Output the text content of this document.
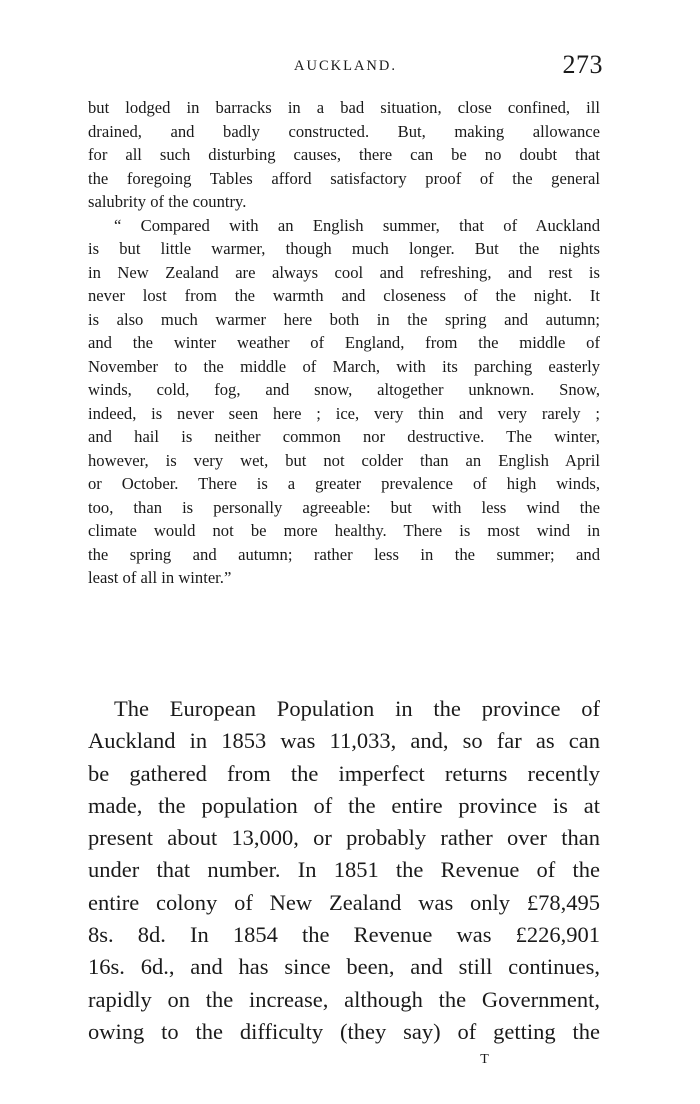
AUCKLAND.	273
but lodged in barracks in a bad situation, close confined, ill
drained, and badly constructed. But, making allowance
for all such disturbing causes, there can be no doubt that
the foregoing Tables afford satisfactory proof of the general
salubrity of the country.
“ Compared with an English summer, that of Auckland
is but little warmer, though much longer. But the nights
in New Zealand are always cool and refreshing, and rest is
never lost from the warmth and closeness of the night. It
is also much warmer here both in the spring and autumn;
and the winter weather of England, from the middle of
November to the middle of March, with its parching easterly
winds, cold, fog, and snow, altogether unknown. Snow,
indeed, is never seen here ; ice, very thin and very rarely ;
and hail is neither common nor destructive. The winter,
however, is very wet, but not colder than an English April
or October. There is a greater prevalence of high winds,
too, than is personally agreeable: but with less wind the
climate would not be more healthy. There is most wind in
the spring and autumn; rather less in the summer; and
least of all in winter.”
The European Population in the province of
Auckland in 1853 was 11,033, and, so far as can
be gathered from the imperfect returns recently
made, the population of the entire province is at
present about 13,000, or probably rather over than
under that number. In 1851 the Revenue of the
entire colony of New Zealand was only £78,495
8s. 8d. In 1854 the Revenue was £226,901
16s. 6d., and has since been, and still continues,
rapidly on the increase, although the Government,
owing to the difficulty (they say) of getting the
T
